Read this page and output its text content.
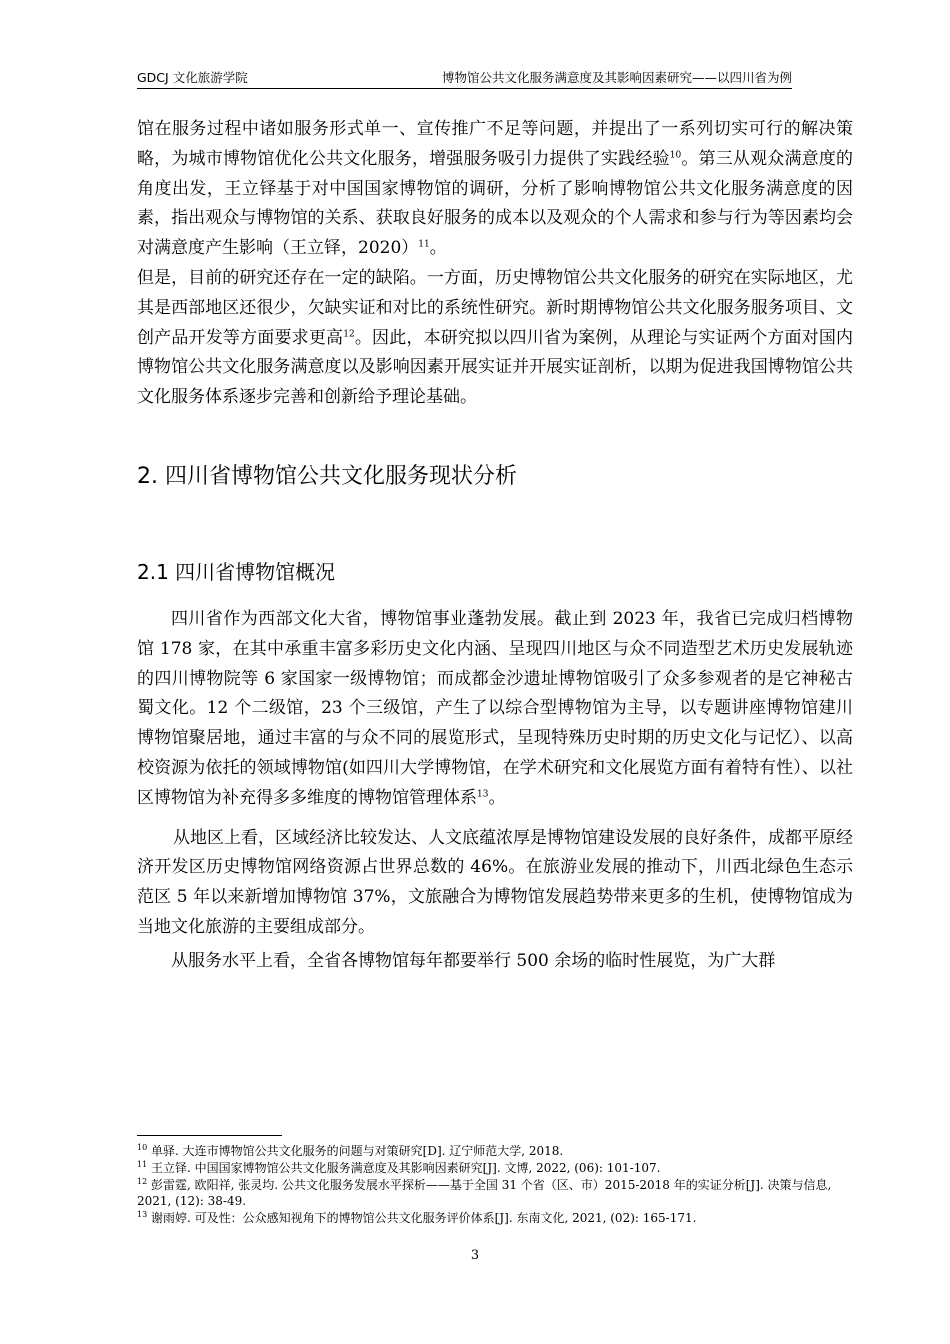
GDCJ 文化旅游学院	博物馆公共文化服务满意度及其影响因素研究——以四川省为例

馆在服务过程中诸如服务形式单一、宣传推广不足等问题，并提出了一系列切实可行的解决策略，为城市博物馆优化公共文化服务，增强服务吸引力提供了实践经验$^{10}$。第三从观众满意度的角度出发，王立铎基于对中国国家博物馆的调研，分析了影响博物馆公共文化服务满意度的因素，指出观众与博物馆的关系、获取良好服务的成本以及观众的个人需求和参与行为等因素均会对满意度产生影响（王立铎，2020）$^{11}$。

但是，目前的研究还存在一定的缺陷。一方面，历史博物馆公共文化服务的研究在实际地区，尤其是西部地区还很少，欠缺实证和对比的系统性研究。新时期博物馆公共文化服务服务项目、文创产品开发等方面要求更高$^{12}$。因此，本研究拟以四川省为案例，从理论与实证两个方面对国内博物馆公共文化服务满意度以及影响因素开展实证并开展实证剖析，以期为促进我国博物馆公共文化服务体系逐步完善和创新给予理论基础。

2. 四川省博物馆公共文化服务现状分析
2.1 四川省博物馆概况

四川省作为西部文化大省，博物馆事业蓬勃发展。截止到 2023 年，我省已完成归档博物馆 178 家，在其中承重丰富多彩历史文化内涵、呈现四川地区与众不同造型艺术历史发展轨迹的四川博物院等 6 家国家一级博物馆；而成都金沙遗址博物馆吸引了众多参观者的是它神秘古蜀文化。12 个二级馆，23 个三级馆，产生了以综合型博物馆为主导，以专题讲座博物馆建川博物馆聚居地，通过丰富的与众不同的展览形式，呈现特殊历史时期的历史文化与记忆）、以高校资源为依托的领域博物馆(如四川大学博物馆，在学术研究和文化展览方面有着特有性）、以社区博物馆为补充得多多维度的博物馆管理体系$^{13}$。

从地区上看，区域经济比较发达、人文底蕴浓厚是博物馆建设发展的良好条件，成都平原经济开发区历史博物馆网络资源占世界总数的 46%。在旅游业发展的推动下，川西北绿色生态示范区 5 年以来新增加博物馆 37%，文旅融合为博物馆发展趋势带来更多的生机，使博物馆成为当地文化旅游的主要组成部分。

从服务水平上看，全省各博物馆每年都要举行 500 余场的临时性展览，为广大群

$^{10}$ 单驿. 大连市博物馆公共文化服务的问题与对策研究[D]. 辽宁师范大学, 2018.

$^{11}$ 王立铎. 中国国家博物馆公共文化服务满意度及其影响因素研究[J]. 文博, 2022, (06): 101-107.

$^{12}$ 彭雷霆, 欧阳祥, 张灵均. 公共文化服务发展水平探析——基于全国 31 个省（区、市）2015-2018 年的实证分析[J]. 决策与信息, 2021, (12): 38-49.

$^{13}$ 谢雨婷. 可及性：公众感知视角下的博物馆公共文化服务评价体系[J]. 东南文化, 2021, (02): 165-171.

3
